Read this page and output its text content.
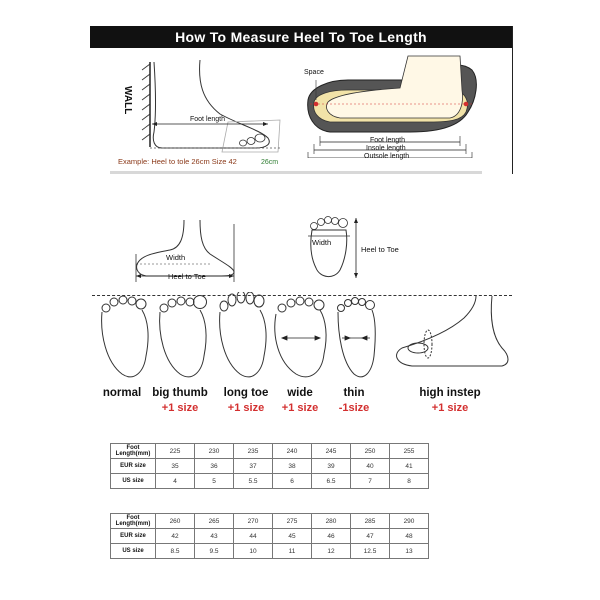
How To Measure Heel To Toe Length
WALL
Foot length
Example: Heel to tole 26cm Size 42	26cm
Space
Foot length
Insole length
Outsole length
Width
Heel to Toe
Width
Heel to Toe
normal big thumb
+1 size
long toe
+1 size
wide
+1 size
thin
-1size
high instep
+1 size
Foot Length(mm)	225	230	235	240	245	250	255
EUR size	35	36	37	38	39	40	41
US size	4	5	5.5	6	6.5	7	8
Foot Length(mm)	260	265	270	275	280	285	290
EUR size	42	43	44	45	46	47	48
US size	8.5	9.5	10	11	12	12.5	13
